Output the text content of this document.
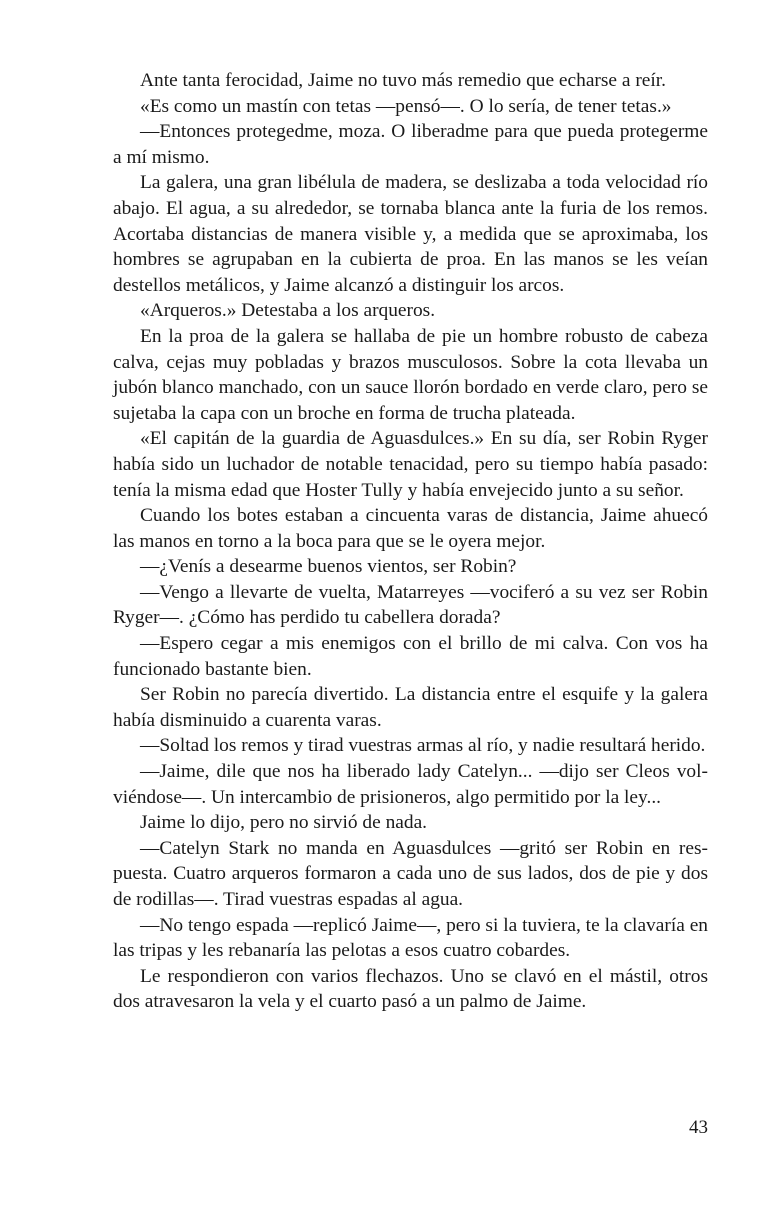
Ante tanta ferocidad, Jaime no tuvo más remedio que echarse a reír.

«Es como un mastín con tetas —pensó—. O lo sería, de tener tetas.»

—Entonces protegedme, moza. O liberadme para que pueda protegerme a mí mismo.

La galera, una gran libélula de madera, se deslizaba a toda velocidad río abajo. El agua, a su alrededor, se tornaba blanca ante la furia de los remos. Acortaba distancias de manera visible y, a medida que se aproximaba, los hombres se agrupaban en la cubierta de proa. En las manos se les veían destellos metálicos, y Jaime alcanzó a distinguir los arcos.

«Arqueros.» Detestaba a los arqueros.

En la proa de la galera se hallaba de pie un hombre robusto de cabeza calva, cejas muy pobladas y brazos musculosos. Sobre la cota llevaba un jubón blanco manchado, con un sauce llorón bordado en verde claro, pero se sujetaba la capa con un broche en forma de trucha plateada.

«El capitán de la guardia de Aguasdulces.» En su día, ser Robin Ryger había sido un luchador de notable tenacidad, pero su tiempo había pasado: tenía la misma edad que Hoster Tully y había envejecido junto a su señor.

Cuando los botes estaban a cincuenta varas de distancia, Jaime ahuecó las manos en torno a la boca para que se le oyera mejor.

—¿Venís a desearme buenos vientos, ser Robin?

—Vengo a llevarte de vuelta, Matarreyes —vociferó a su vez ser Robin Ryger—. ¿Cómo has perdido tu cabellera dorada?

—Espero cegar a mis enemigos con el brillo de mi calva. Con vos ha funcionado bastante bien.

Ser Robin no parecía divertido. La distancia entre el esquife y la galera había disminuido a cuarenta varas.

—Soltad los remos y tirad vuestras armas al río, y nadie resultará herido.

—Jaime, dile que nos ha liberado lady Catelyn... —dijo ser Cleos volviéndose—. Un intercambio de prisioneros, algo permitido por la ley...

Jaime lo dijo, pero no sirvió de nada.

—Catelyn Stark no manda en Aguasdulces —gritó ser Robin en respuesta. Cuatro arqueros formaron a cada uno de sus lados, dos de pie y dos de rodillas—. Tirad vuestras espadas al agua.

—No tengo espada —replicó Jaime—, pero si la tuviera, te la clavaría en las tripas y les rebanaría las pelotas a esos cuatro cobardes.

Le respondieron con varios flechazos. Uno se clavó en el mástil, otros dos atravesaron la vela y el cuarto pasó a un palmo de Jaime.

43
